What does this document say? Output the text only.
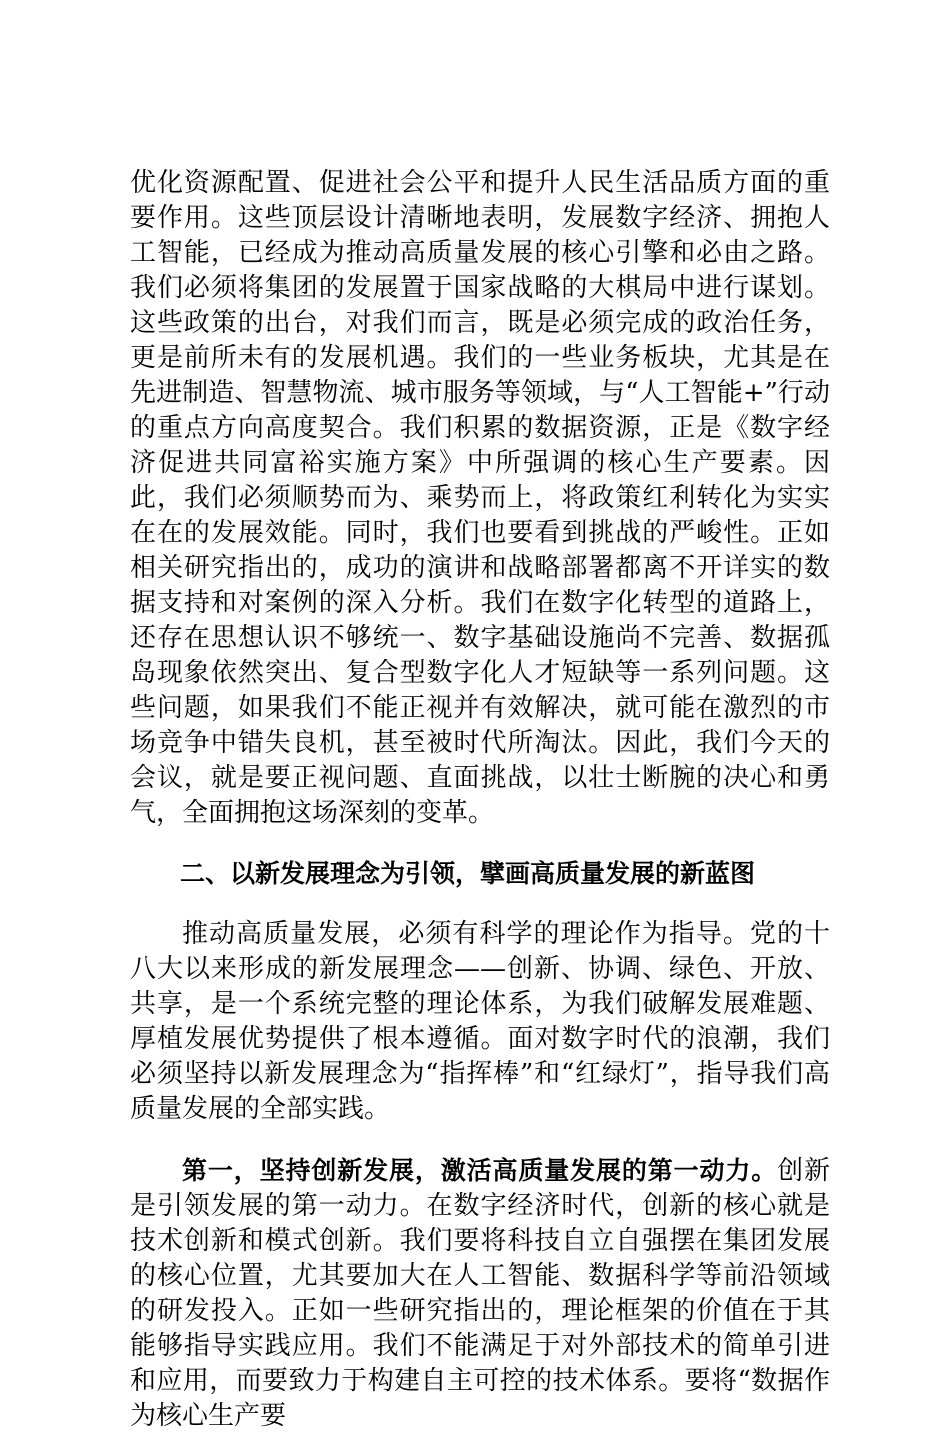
优化资源配置、促进社会公平和提升人民生活品质方面的重要作用。这些顶层设计清晰地表明，发展数字经济、拥抱人工智能，已经成为推动高质量发展的核心引擎和必由之路。我们必须将集团的发展置于国家战略的大棋局中进行谋划。这些政策的出台，对我们而言，既是必须完成的政治任务，更是前所未有的发展机遇。我们的一些业务板块，尤其是在先进制造、智慧物流、城市服务等领域，与“人工智能+”行动的重点方向高度契合。我们积累的数据资源，正是《数字经济促进共同富裕实施方案》中所强调的核心生产要素。因此，我们必须顺势而为、乘势而上，将政策红利转化为实实在在的发展效能。同时，我们也要看到挑战的严峻性。正如相关研究指出的，成功的演讲和战略部署都离不开详实的数据支持和对案例的深入分析。我们在数字化转型的道路上，还存在思想认识不够统一、数字基础设施尚不完善、数据孤岛现象依然突出、复合型数字化人才短缺等一系列问题。这些问题，如果我们不能正视并有效解决，就可能在激烈的市场竞争中错失良机，甚至被时代所淘汰。因此，我们今天的会议，就是要正视问题、直面挑战，以壮士断腕的决心和勇气，全面拥抱这场深刻的变革。

二、以新发展理念为引领，擘画高质量发展的新蓝图

推动高质量发展，必须有科学的理论作为指导。党的十八大以来形成的新发展理念——创新、协调、绿色、开放、共享，是一个系统完整的理论体系，为我们破解发展难题、厚植发展优势提供了根本遵循。面对数字时代的浪潮，我们必须坚持以新发展理念为“指挥棒”和“红绿灯”，指导我们高质量发展的全部实践。

第一，坚持创新发展，激活高质量发展的第一动力。创新是引领发展的第一动力。在数字经济时代，创新的核心就是技术创新和模式创新。我们要将科技自立自强摆在集团发展的核心位置，尤其要加大在人工智能、数据科学等前沿领域的研发投入。正如一些研究指出的，理论框架的价值在于其能够指导实践应用。我们不能满足于对外部技术的简单引进和应用，而要致力于构建自主可控的技术体系。要将“数据作为核心生产要
